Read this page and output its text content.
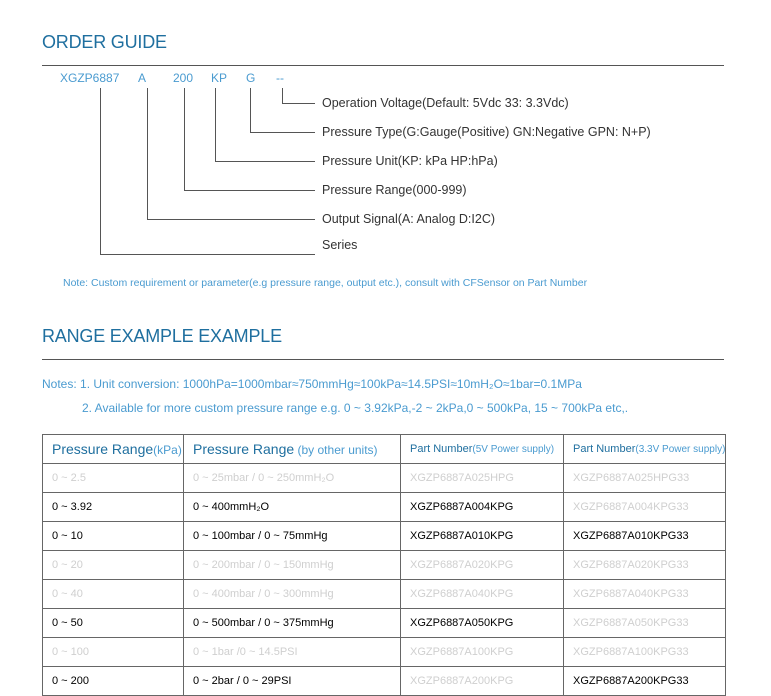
ORDER GUIDE
XGZP6887 A 200 KP G --
Operation Voltage(Default: 5Vdc 33: 3.3Vdc)
Pressure Type(G:Gauge(Positive) GN:Negative GPN: N+P)
Pressure Unit(KP: kPa HP:hPa)
Pressure Range(000-999)
Output Signal(A: Analog D:I2C)
Series
Note: Custom requirement or parameter(e.g pressure range, output etc.), consult with CFSensor on Part Number
RANGE EXAMPLE EXAMPLE
Notes: 1. Unit conversion: 1000hPa=1000mbar≈750mmHg≈100kPa≈14.5PSI≈10mH₂O≈1bar=0.1MPa
2. Available for more custom pressure range e.g. 0 ~ 3.92kPa,-2 ~ 2kPa,0 ~ 500kPa, 15 ~ 700kPa etc,.
Pressure Range(kPa)	Pressure Range (by other units)	Part Number(5V Power supply)	Part Number(3.3V Power supply)
0 ~ 2.5	0 ~ 25mbar / 0 ~ 250mmH₂O	XGZP6887A025HPG	XGZP6887A025HPG33
0 ~ 3.92	0 ~ 400mmH₂O	XGZP6887A004KPG	XGZP6887A004KPG33
0 ~ 10	0 ~ 100mbar / 0 ~ 75mmHg	XGZP6887A010KPG	XGZP6887A010KPG33
0 ~ 20	0 ~ 200mbar / 0 ~ 150mmHg	XGZP6887A020KPG	XGZP6887A020KPG33
0 ~ 40	0 ~ 400mbar / 0 ~ 300mmHg	XGZP6887A040KPG	XGZP6887A040KPG33
0 ~ 50	0 ~ 500mbar / 0 ~ 375mmHg	XGZP6887A050KPG	XGZP6887A050KPG33
0 ~ 100	0 ~ 1bar /0 ~ 14.5PSI	XGZP6887A100KPG	XGZP6887A100KPG33
0 ~ 200	0 ~ 2bar / 0 ~ 29PSI	XGZP6887A200KPG	XGZP6887A200KPG33
